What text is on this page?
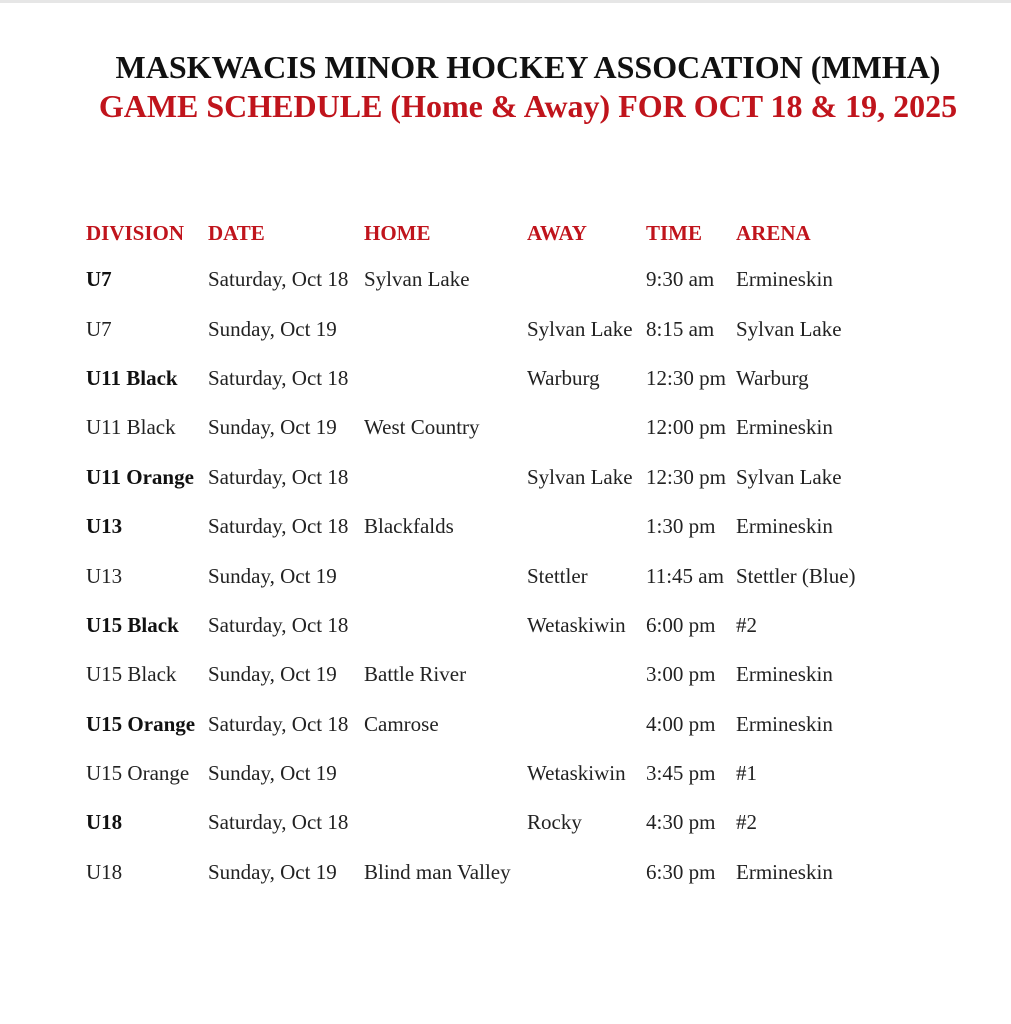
MASKWACIS MINOR HOCKEY ASSOCATION (MMHA)
GAME SCHEDULE (Home & Away) FOR OCT 18 & 19, 2025
DIVISION	DATE	HOME	AWAY	TIME	ARENA
U7	Saturday, Oct 18	Sylvan Lake		9:30 am	Ermineskin
U7	Sunday, Oct 19		Sylvan Lake	8:15 am	Sylvan Lake
U11 Black	Saturday, Oct 18		Warburg	12:30 pm	Warburg
U11 Black	Sunday, Oct 19	West Country		12:00 pm	Ermineskin
U11 Orange	Saturday, Oct 18		Sylvan Lake	12:30 pm	Sylvan Lake
U13	Saturday, Oct 18	Blackfalds		1:30 pm	Ermineskin
U13	Sunday, Oct 19		Stettler	11:45 am	Stettler (Blue)
U15 Black	Saturday, Oct 18		Wetaskiwin	6:00 pm	#2
U15 Black	Sunday, Oct 19	Battle River		3:00 pm	Ermineskin
U15 Orange	Saturday, Oct 18	Camrose		4:00 pm	Ermineskin
U15 Orange	Sunday, Oct 19		Wetaskiwin	3:45 pm	#1
U18	Saturday, Oct 18		Rocky	4:30 pm	#2
U18	Sunday, Oct 19	Blind man Valley		6:30 pm	Ermineskin
